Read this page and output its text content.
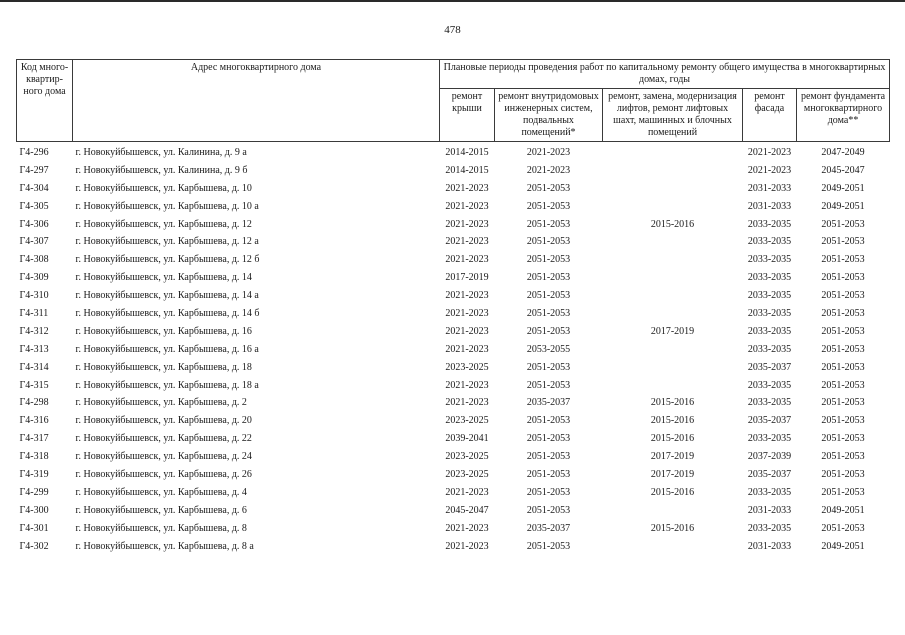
478
Код много-квартир-ного дома	Адрес многоквартирного дома	Плановые периоды проведения работ по капитальному ремонту общего имущества в многоквартирных домах, годы				
		ремонт крыши	ремонт внутридомовых инженерных систем, подвальных помещений*	ремонт, замена, модернизация лифтов, ремонт лифтовых шахт, машинных и блочных помещений	ремонт фасада	ремонт фундамента многоквартирного дома**
Г4-296	г. Новокуйбышевск, ул. Калинина, д. 9 а	2014-2015	2021-2023		2021-2023	2047-2049
Г4-297	г. Новокуйбышевск, ул. Калинина, д. 9 б	2014-2015	2021-2023		2021-2023	2045-2047
Г4-304	г. Новокуйбышевск, ул. Карбышева, д. 10	2021-2023	2051-2053		2031-2033	2049-2051
Г4-305	г. Новокуйбышевск, ул. Карбышева, д. 10 а	2021-2023	2051-2053		2031-2033	2049-2051
Г4-306	г. Новокуйбышевск, ул. Карбышева, д. 12	2021-2023	2051-2053	2015-2016	2033-2035	2051-2053
Г4-307	г. Новокуйбышевск, ул. Карбышева, д. 12 а	2021-2023	2051-2053		2033-2035	2051-2053
Г4-308	г. Новокуйбышевск, ул. Карбышева, д. 12 б	2021-2023	2051-2053		2033-2035	2051-2053
Г4-309	г. Новокуйбышевск, ул. Карбышева, д. 14	2017-2019	2051-2053		2033-2035	2051-2053
Г4-310	г. Новокуйбышевск, ул. Карбышева, д. 14 а	2021-2023	2051-2053		2033-2035	2051-2053
Г4-311	г. Новокуйбышевск, ул. Карбышева, д. 14 б	2021-2023	2051-2053		2033-2035	2051-2053
Г4-312	г. Новокуйбышевск, ул. Карбышева, д. 16	2021-2023	2051-2053	2017-2019	2033-2035	2051-2053
Г4-313	г. Новокуйбышевск, ул. Карбышева, д. 16 а	2021-2023	2053-2055		2033-2035	2051-2053
Г4-314	г. Новокуйбышевск, ул. Карбышева, д. 18	2023-2025	2051-2053		2035-2037	2051-2053
Г4-315	г. Новокуйбышевск, ул. Карбышева, д. 18 а	2021-2023	2051-2053		2033-2035	2051-2053
Г4-298	г. Новокуйбышевск, ул. Карбышева, д. 2	2021-2023	2035-2037	2015-2016	2033-2035	2051-2053
Г4-316	г. Новокуйбышевск, ул. Карбышева, д. 20	2023-2025	2051-2053	2015-2016	2035-2037	2051-2053
Г4-317	г. Новокуйбышевск, ул. Карбышева, д. 22	2039-2041	2051-2053	2015-2016	2033-2035	2051-2053
Г4-318	г. Новокуйбышевск, ул. Карбышева, д. 24	2023-2025	2051-2053	2017-2019	2037-2039	2051-2053
Г4-319	г. Новокуйбышевск, ул. Карбышева, д. 26	2023-2025	2051-2053	2017-2019	2035-2037	2051-2053
Г4-299	г. Новокуйбышевск, ул. Карбышева, д. 4	2021-2023	2051-2053	2015-2016	2033-2035	2051-2053
Г4-300	г. Новокуйбышевск, ул. Карбышева, д. 6	2045-2047	2051-2053		2031-2033	2049-2051
Г4-301	г. Новокуйбышевск, ул. Карбышева, д. 8	2021-2023	2035-2037	2015-2016	2033-2035	2051-2053
Г4-302	г. Новокуйбышевск, ул. Карбышева, д. 8 а	2021-2023	2051-2053		2031-2033	2049-2051
